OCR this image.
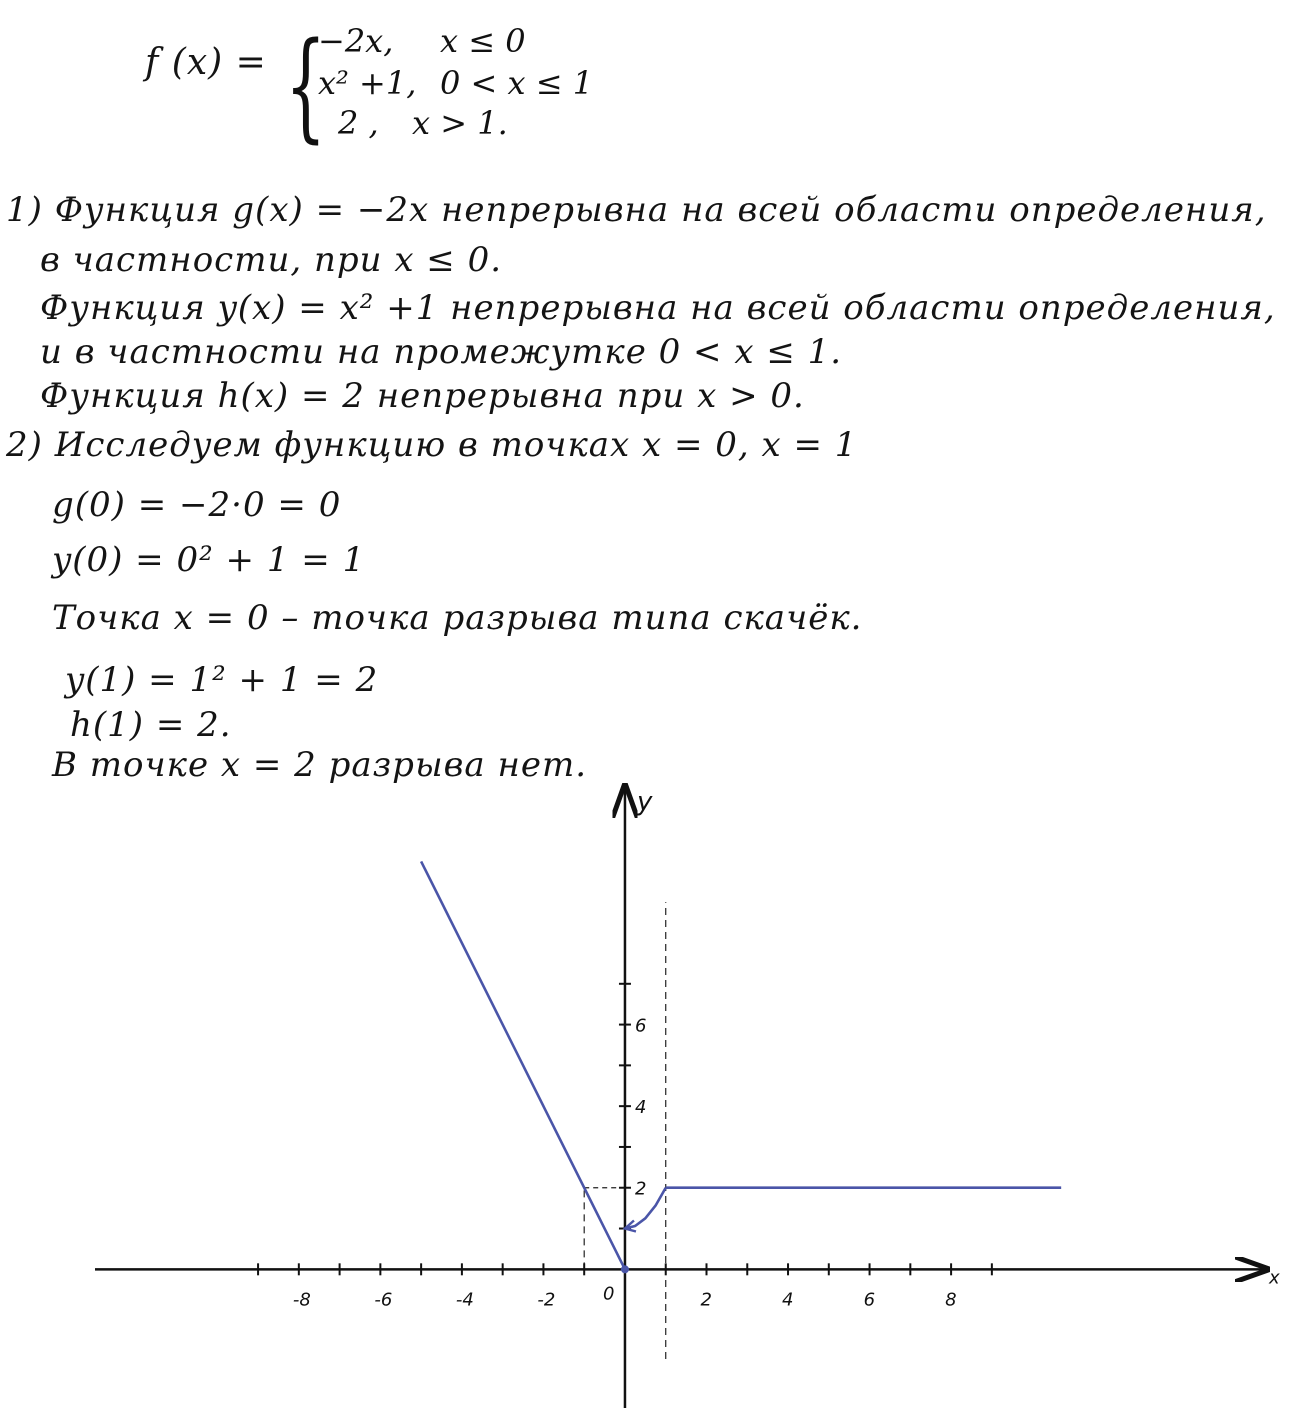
f (x) = {
−2x, x ≤ 0
x² +1, 0 < x ≤ 1
2 , x > 1.
1) Функция g(x) = −2x непрерывна на всей области определения,
в частности, при x ≤ 0.
Функция y(x) = x² +1 непрерывна на всей области определения,
и в частности на промежутке 0 < x ≤ 1.
Функция h(x) = 2 непрерывна при x > 0.
2) Исследуем функцию в точках x = 0, x = 1
g(0) = −2·0 = 0
y(0) = 0² + 1 = 1
Точка x = 0 – точка разрыва типа скачёк.
y(1) = 1² + 1 = 2
h(1) = 2.
В точке x = 2 разрыва нет.
x
y
-8	-6	-4	-2	0	2	4	6	8
2
4
6
